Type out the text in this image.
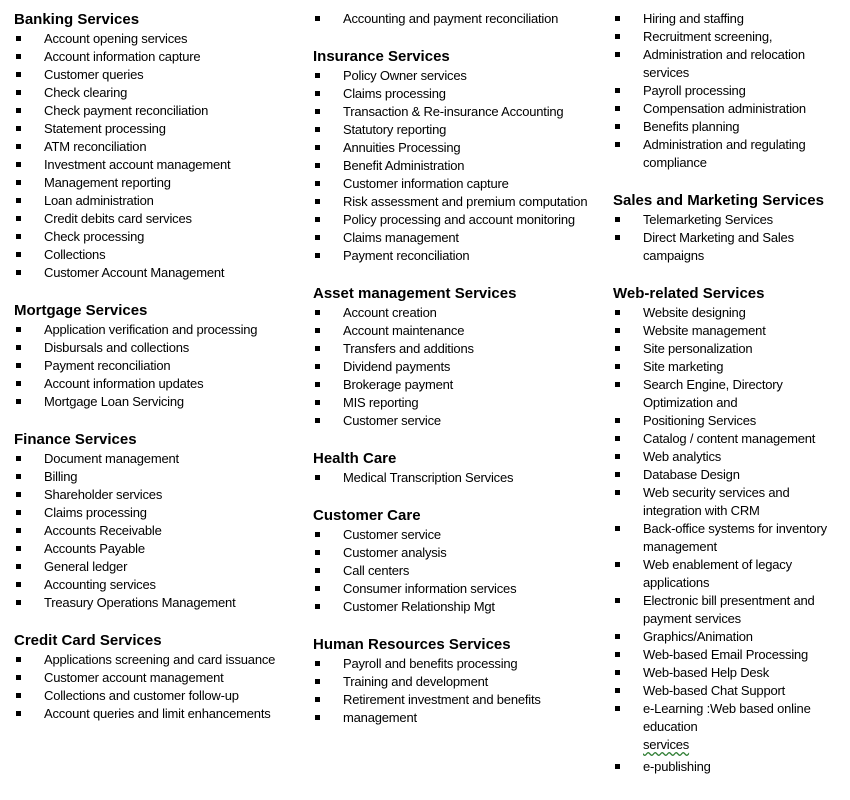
Banking Services
Account opening services
Account information capture
Customer queries
Check clearing
Check payment reconciliation
Statement processing
ATM reconciliation
Investment account management
Management reporting
Loan administration
Credit debits card services
Check processing
Collections
Customer Account Management
Mortgage Services
Application verification and processing
Disbursals and collections
Payment reconciliation
Account information updates
Mortgage Loan Servicing
Finance Services
Document management
Billing
Shareholder services
Claims processing
Accounts Receivable
Accounts Payable
General ledger
Accounting services
Treasury Operations Management
Credit Card Services
Applications screening and card issuance
Customer account management
Collections and customer follow-up
Account queries and limit enhancements
Accounting and payment reconciliation
Insurance Services
Policy Owner services
Claims processing
Transaction & Re-insurance Accounting
Statutory reporting
Annuities Processing
Benefit Administration
Customer information capture
Risk assessment and premium computation
Policy processing and account monitoring
Claims management
Payment reconciliation
Asset management Services
Account creation
Account maintenance
Transfers and additions
Dividend payments
Brokerage payment
MIS reporting
Customer service
Health Care
Medical Transcription Services
Customer Care
Customer service
Customer analysis
Call centers
Consumer information services
Customer Relationship Mgt
Human Resources Services
Payroll and benefits processing
Training and development
Retirement investment and benefits
management
Hiring and staffing
Recruitment screening,
Administration and relocation services
Payroll processing
Compensation administration
Benefits planning
Administration and regulating compliance
Sales and Marketing Services
Telemarketing Services
Direct Marketing and Sales campaigns
Web-related Services
Website designing
Website management
Site personalization
Site marketing
Search Engine, Directory Optimization and
Positioning Services
Catalog / content management
Web analytics
Database Design
Web security services and integration with CRM
Back-office systems for inventory management
Web enablement of legacy applications
Electronic bill presentment and payment services
Graphics/Animation
Web-based Email Processing
Web-based Help Desk
Web-based Chat Support
e-Learning :Web based online education
services
e-publishing
